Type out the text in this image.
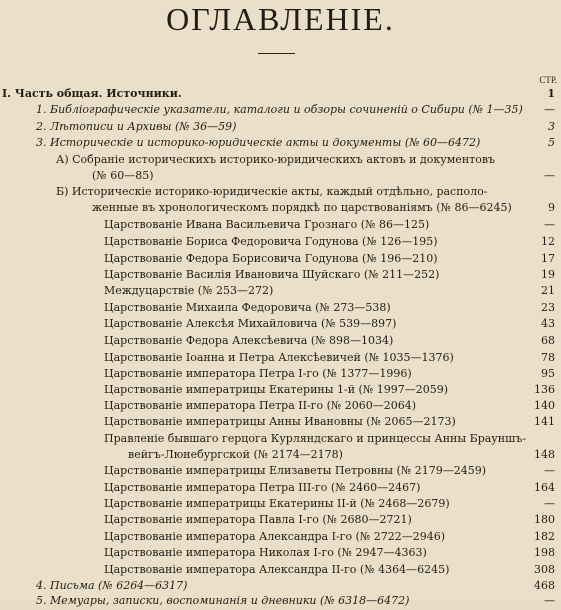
ОГЛАВЛЕНIЕ.
СТР.
I. Часть общая. Источники.	1
1. Библiографическiе указатели, каталоги и обзоры сочиненiй о Сибири (№ 1—35) —
2. Лѣтописи и Архивы (№ 36—59)	3
3. Историческiе и историко-юридическiе акты и документы (№ 60—6472)	5
А) Собранiе историческихъ историко-юридическихъ актовъ и документовъ
(№ 60—85)	—
Б) Историческiе историко-юридическiе акты, каждый отдѣльно, располо-
женные въ хронологическомъ порядкѣ по царствованiямъ (№ 86—6245)	9
Царствованiе Ивана Васильевича Грознаго (№ 86—125)	—
Царствованiе Бориса Федоровича Годунова (№ 126—195)	12
Царствованiе Федора Борисовича Годунова (№ 196—210)	17
Царствованiе Василiя Ивановича Шуйскаго (№ 211—252)	19
Междуцарствiе (№ 253—272)	21
Царствованiе Михаила Федоровича (№ 273—538)	23
Царствованiе Алексѣя Михайловича (№ 539—897)	43
Царствованiе Федора Алексѣевича (№ 898—1034)	68
Царствованiе Іоанна и Петра Алексѣевичей (№ 1035—1376)	78
Царствованiе императора Петра I-го (№ 1377—1996)	95
Царствованiе императрицы Екатерины 1-й (№ 1997—2059)	136
Царствованiе императора Петра II-го (№ 2060—2064)	140
Царствованiе императрицы Анны Ивановны (№ 2065—2173)	141
Правленiе бывшаго герцога Курляндскаго и принцессы Анны Брауншъ-
вейгъ-Люнебургской (№ 2174—2178)	148
Царствованiе императрицы Елизаветы Петровны (№ 2179—2459)	—
Царствованiе императора Петра III-го (№ 2460—2467)	164
Царствованiе императрицы Екатерины II-й (№ 2468—2679)	—
Царствованiе императора Павла I-го (№ 2680—2721)	180
Царствованiе императора Александра I-го (№ 2722—2946)	182
Царствованiе императора Николая I-го (№ 2947—4363)	198
Царствованiе императора Александра II-го (№ 4364—6245)	308
4. Письма (№ 6264—6317)	468
5. Мемуары, записки, воспоминанiя и дневники (№ 6318—6472)	—
